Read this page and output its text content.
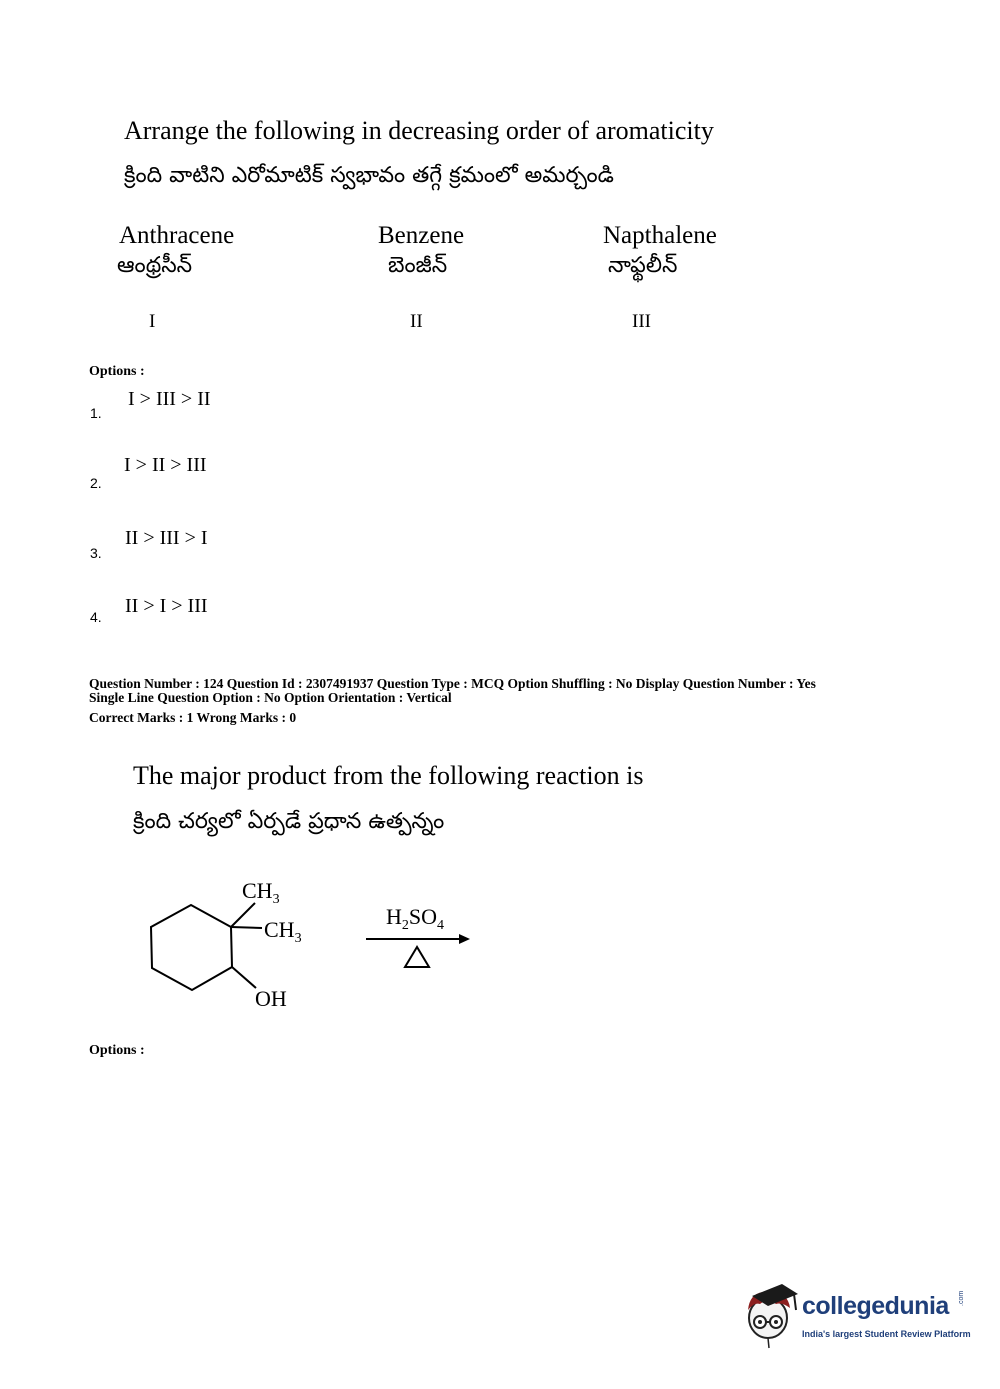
Arrange the following in decreasing order of aromaticity
క్రింది వాటిని ఎరోమాటిక్ స్వభావం తగ్గే క్రమంలో అమర్చండి
Anthracene
ఆంథ్రసీన్
I
Benzene
బెంజీన్
II
Napthalene
నాఫ్థలీన్
III
Options :
1.
I > III > II
2.
I > II > III
3.
II > III > I
4. II > I > III
Question Number : 124 Question Id : 2307491937 Question Type : MCQ Option Shuffling : No Display Question Number : Yes
Single Line Question Option : No Option Orientation : Vertical
Correct Marks : 1 Wrong Marks : 0
The major product from the following reaction is
క్రింది చర్యలో ఏర్పడే ప్రధాన ఉత్పన్నం
$CH_3$
$CH_3$
OH
$H_2SO_4$
Options :
collegedunia .com
India's largest Student Review Platform
